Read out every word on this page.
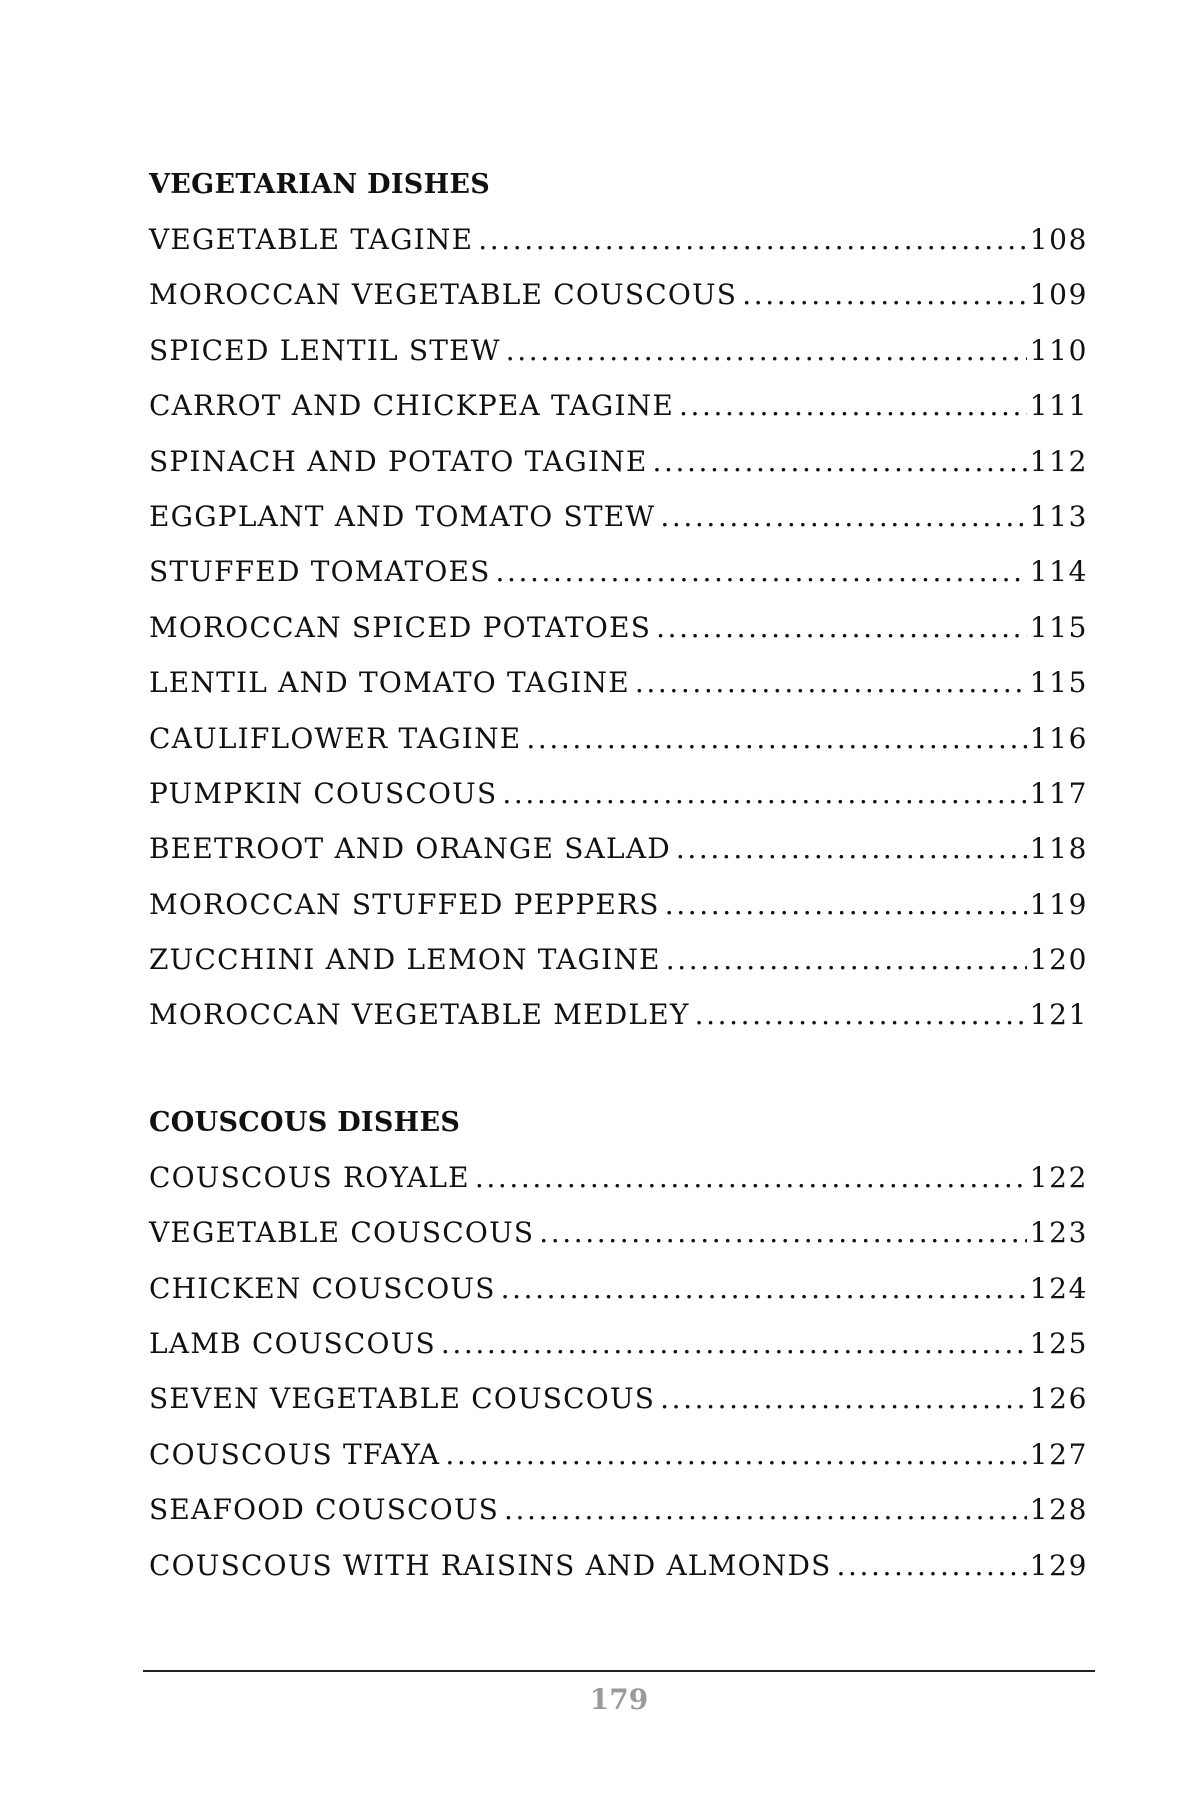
VEGETARIAN DISHES
VEGETABLE TAGINE .....	108
MOROCCAN VEGETABLE COUSCOUS .....	109
SPICED LENTIL STEW .....	110
CARROT AND CHICKPEA TAGINE .....	111
SPINACH AND POTATO TAGINE .....	112
EGGPLANT AND TOMATO STEW .....	113
STUFFED TOMATOES .....	114
MOROCCAN SPICED POTATOES .....	115
LENTIL AND TOMATO TAGINE .....	115
CAULIFLOWER TAGINE .....	116
PUMPKIN COUSCOUS .....	117
BEETROOT AND ORANGE SALAD .....	118
MOROCCAN STUFFED PEPPERS .....	119
ZUCCHINI AND LEMON TAGINE .....	120
MOROCCAN VEGETABLE MEDLEY .....	121
COUSCOUS DISHES
COUSCOUS ROYALE .....	122
VEGETABLE COUSCOUS .....	123
CHICKEN COUSCOUS .....	124
LAMB COUSCOUS .....	125
SEVEN VEGETABLE COUSCOUS .....	126
COUSCOUS TFAYA .....	127
SEAFOOD COUSCOUS .....	128
COUSCOUS WITH RAISINS AND ALMONDS .....	129
179
